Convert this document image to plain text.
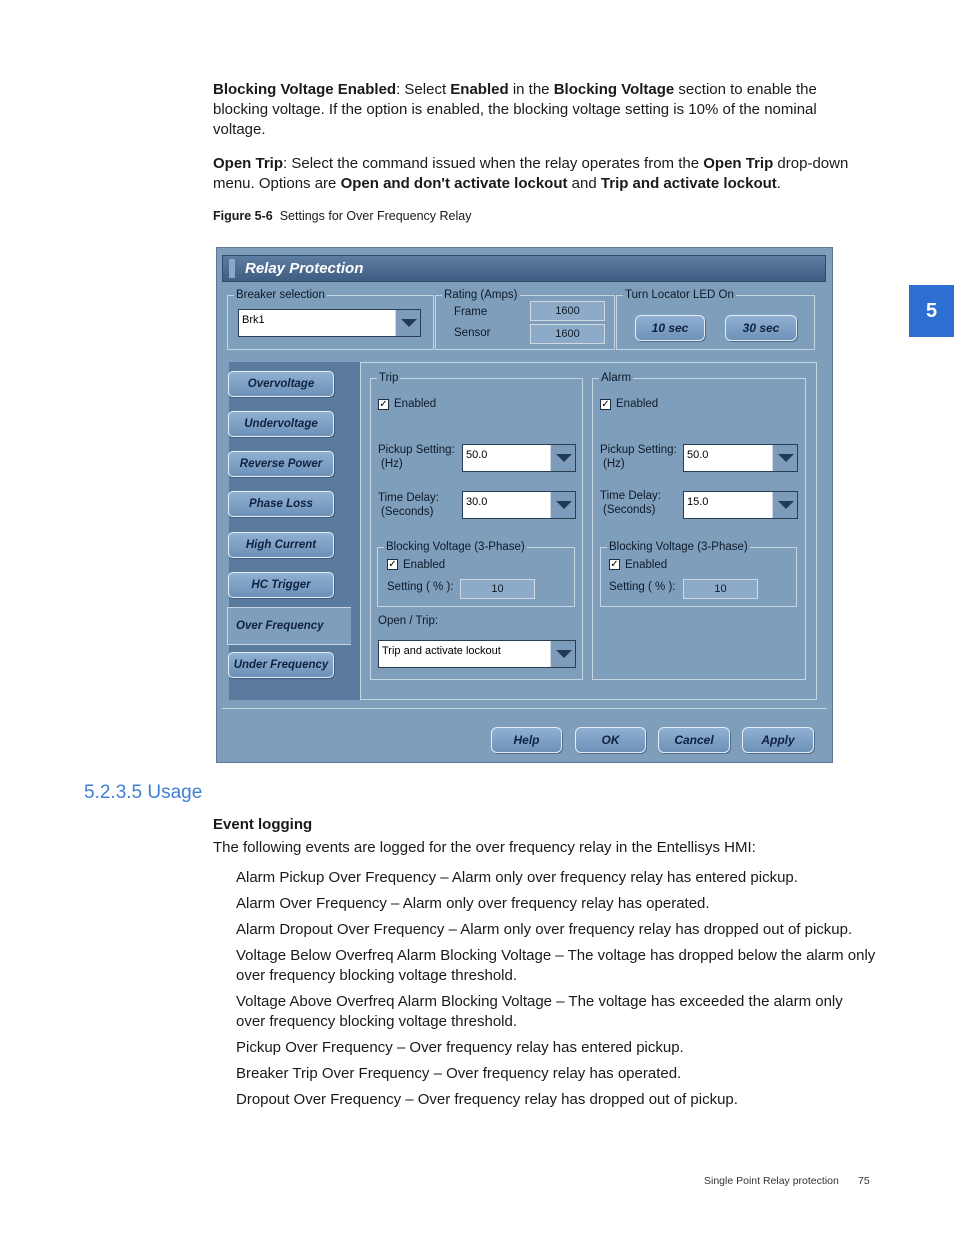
Blocking Voltage Enabled: Select Enabled in the Blocking Voltage section to enable the blocking voltage. If the option is enabled, the blocking voltage setting is 10% of the nominal voltage.

Open Trip: Select the command issued when the relay operates from the Open Trip drop-down menu. Options are Open and don't activate lockout and Trip and activate lockout.

Figure 5-6 Settings for Over Frequency Relay
5
Relay Protection
Breaker selection
Brk1
Rating (Amps)
Frame	1600
Sensor	1600
Turn Locator LED On
10 sec	30 sec
Overvoltage
Undervoltage
Reverse Power
Phase Loss
High Current
HC Trigger
Over Frequency
Under Frequency
Trip
✓ Enabled
Pickup Setting:
(Hz)
50.0
Time Delay:
(Seconds)
30.0
Blocking Voltage (3-Phase)
✓ Enabled
Setting ( % ):	10
Open / Trip:
Trip and activate lockout
Alarm
✓ Enabled
Pickup Setting:
(Hz)
50.0
Time Delay:
(Seconds)
15.0
Blocking Voltage (3-Phase)
✓ Enabled
Setting ( % ):	10
Help	OK	Cancel	Apply
5.2.3.5 Usage
Event logging
The following events are logged for the over frequency relay in the Entellisys HMI:
Alarm Pickup Over Frequency – Alarm only over frequency relay has entered pickup.
Alarm Over Frequency – Alarm only over frequency relay has operated.
Alarm Dropout Over Frequency – Alarm only over frequency relay has dropped out of pickup.
Voltage Below Overfreq Alarm Blocking Voltage – The voltage has dropped below the alarm only over frequency blocking voltage threshold.
Voltage Above Overfreq Alarm Blocking Voltage – The voltage has exceeded the alarm only over frequency blocking voltage threshold.
Pickup Over Frequency – Over frequency relay has entered pickup.
Breaker Trip Over Frequency – Over frequency relay has operated.
Dropout Over Frequency – Over frequency relay has dropped out of pickup.
Single Point Relay protection 75
